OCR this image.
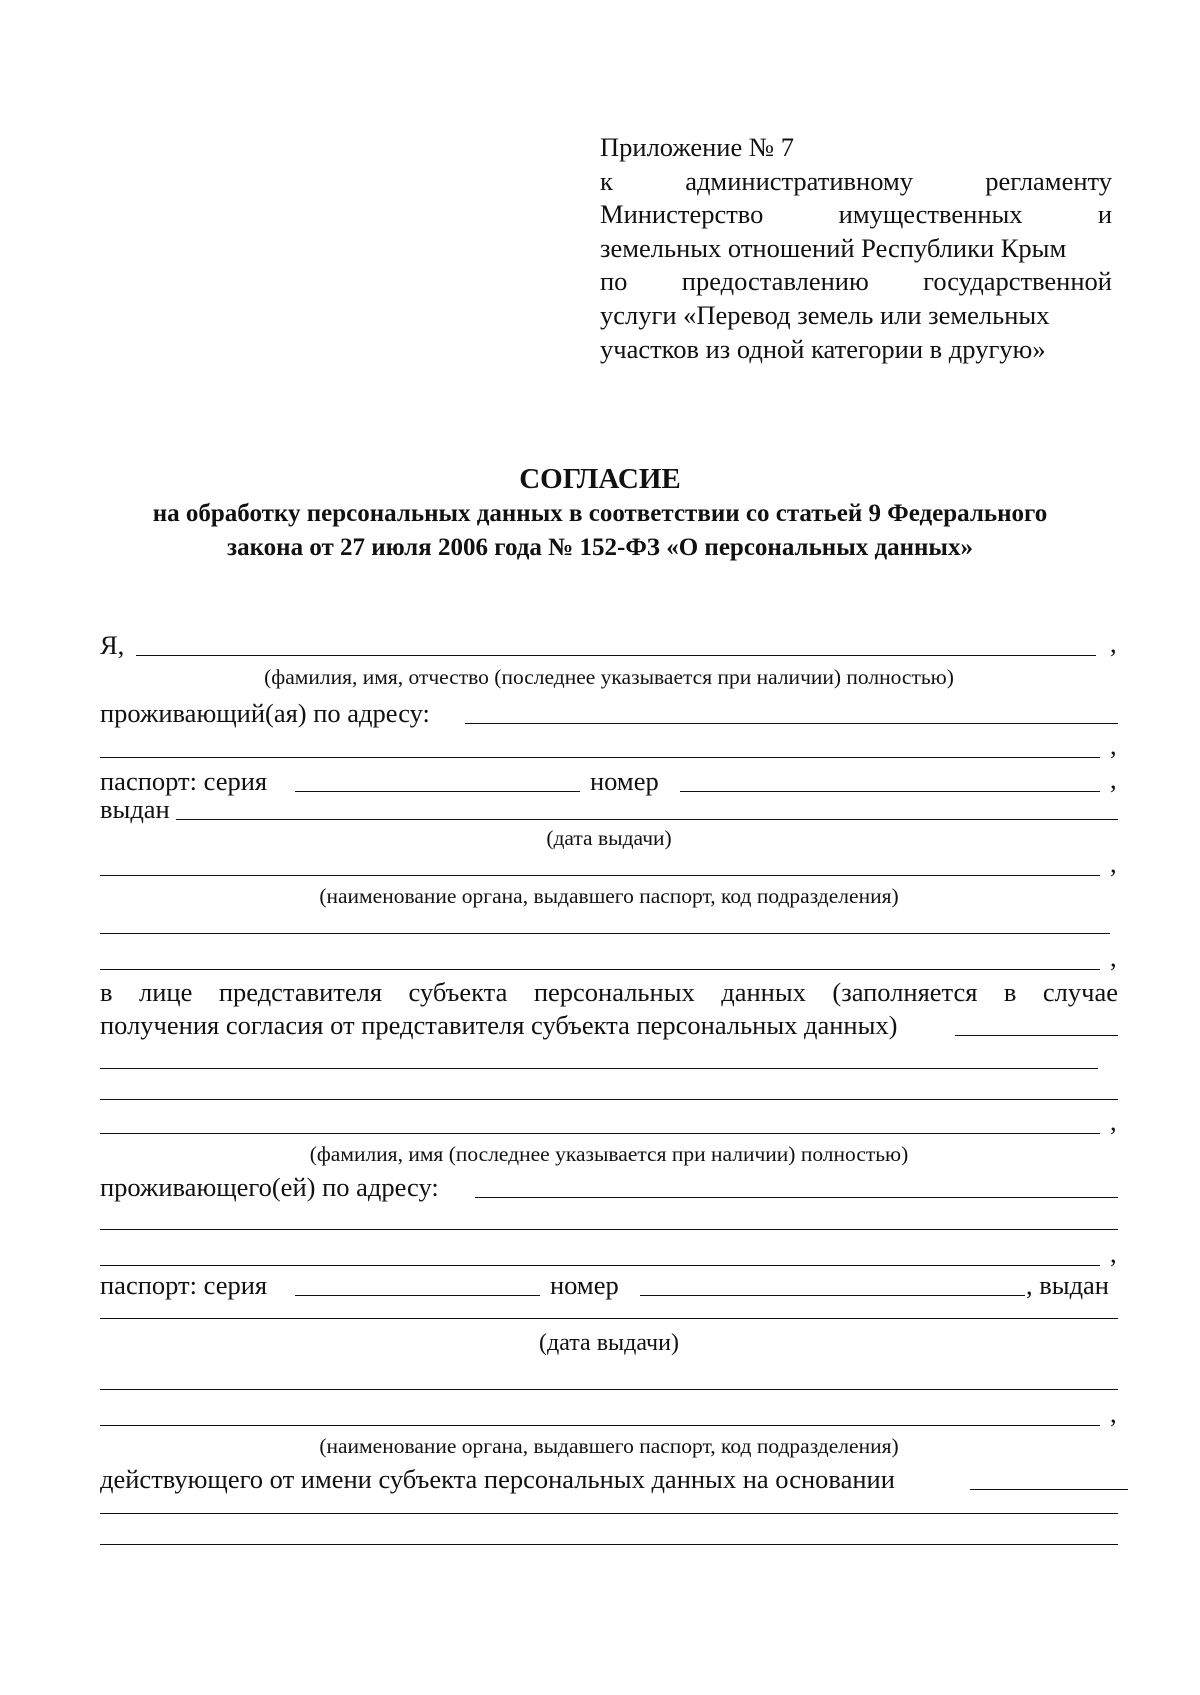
Приложение № 7
к	административному	регламенту
Министерство	имущественных	и
земельных отношений Республики Крым
по предоставлению государственной
услуги «Перевод земель или земельных
участков из одной категории в другую»
СОГЛАСИЕ
на обработку персональных данных в соответствии со статьей 9 Федерального
закона от 27 июля 2006 года № 152-ФЗ «О персональных данных»
Я,	,
(фамилия, имя, отчество (последнее указывается при наличии) полностью)
проживающий(ая) по адресу:
,
паспорт: серия	номер	,
выдан
(дата выдачи)
,
(наименование органа, выдавшего паспорт, код подразделения)
,
в лице представителя субъекта персональных данных (заполняется в случае
получения согласия от представителя субъекта персональных данных)
,
(фамилия, имя (последнее указывается при наличии) полностью)
проживающего(ей) по адресу:
,
паспорт: серия	номер	, выдан
(дата выдачи)
,
(наименование органа, выдавшего паспорт, код подразделения)
действующего от имени субъекта персональных данных на основании
